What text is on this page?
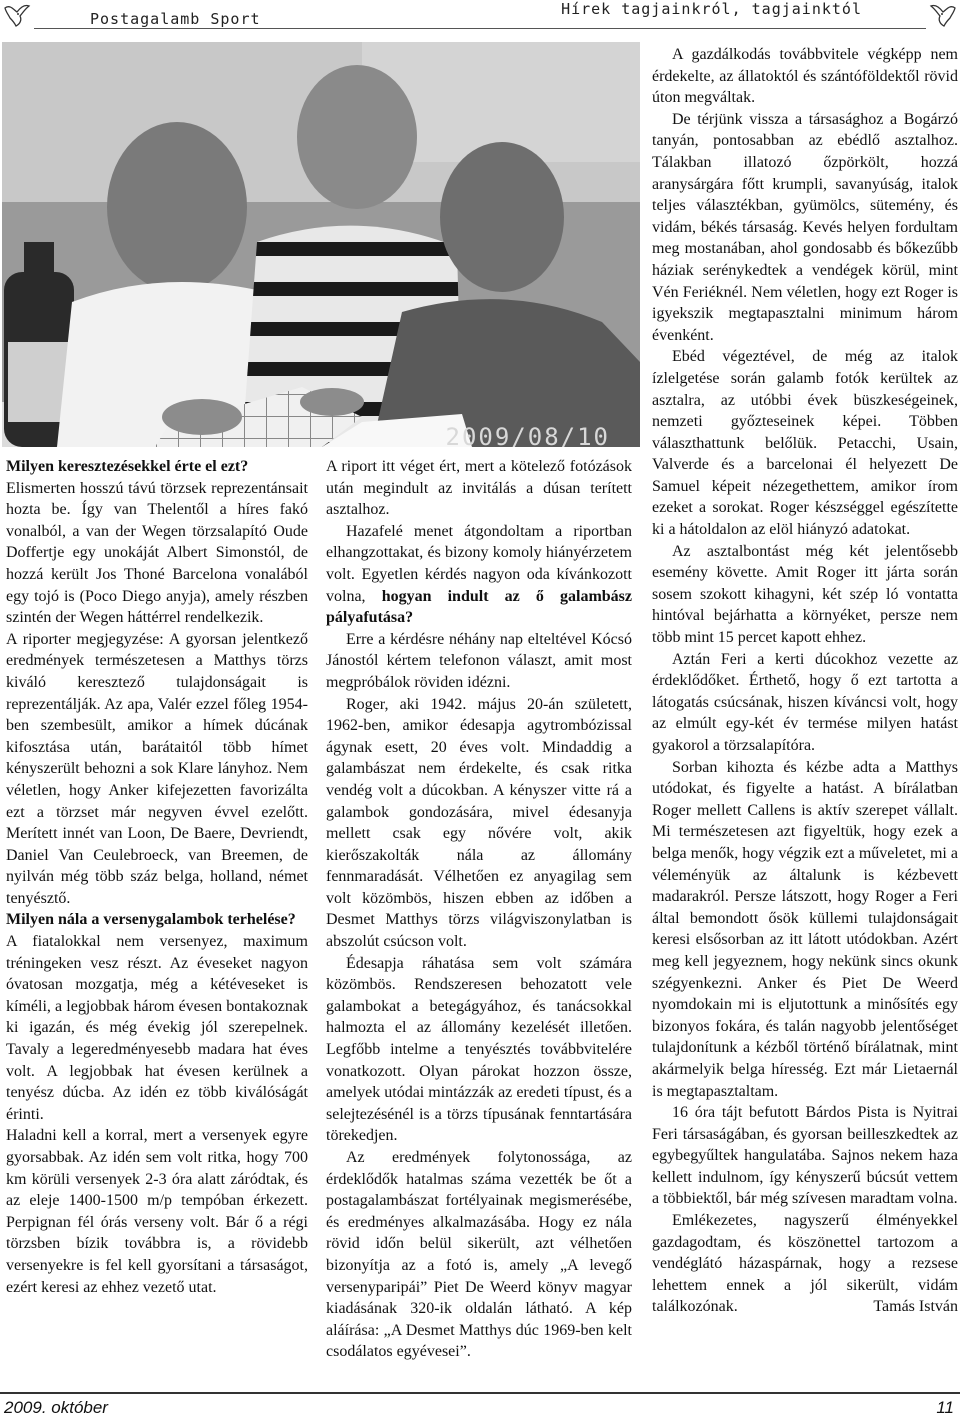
Postagalamb Sport
Hírek tagjainkról, tagjainktól
2009/08/10

Milyen keresztezésekkel érte el ezt?

Elismerten hosszú távú törzsek reprezentánsait hozta be. Így van Thelentől a híres fakó vonalból, a van der Wegen törzsalapító Oude Doffertje egy unokáját Albert Simonstól, de hozzá került Jos Thoné Barcelona vonalából egy tojó is (Poco Diego anyja), amely részben szintén der Wegen háttérrel rendelkezik.

A riporter megjegyzése: A gyorsan jelentkező eredmények természetesen a Matthys törzs kiváló keresztező tulajdonságait is reprezentálják. Az apa, Valér ezzel főleg 1954-ben szembesült, amikor a hímek dúcának kifosztása után, barátaitól több hímet kényszerült behozni a sok Klare lányhoz. Nem véletlen, hogy Anker kifejezetten favorizálta ezt a törzset már negyven évvel ezelőtt. Merített innét van Loon, De Baere, Devriendt, Daniel Van Ceulebroeck, van Breemen, de nyilván még több száz belga, holland, német tenyésztő.

Milyen nála a versenygalambok terhelése?

A fiatalokkal nem versenyez, maximum tréningeken vesz részt. Az éveseket nagyon óvatosan mozgatja, még a kétéveseket is kíméli, a legjobbak három évesen bontakoznak ki igazán, és még évekig jól szerepelnek. Tavaly a legeredményesebb madara hat éves volt. A legjobbak hat évesen kerülnek a tenyész dúcba. Az idén ez több kiválóságát érinti.

Haladni kell a korral, mert a versenyek egyre gyorsabbak. Az idén sem volt ritka, hogy 700 km körüli versenyek 2-3 óra alatt záródtak, és az eleje 1400-1500 m/p tempóban érkezett. Perpignan fél órás verseny volt. Bár ő a régi törzsben bízik továbbra is, a rövidebb versenyekre is fel kell gyorsítani a társaságot, ezért keresi az ehhez vezető utat.

A riport itt véget ért, mert a kötelező fotózások után megindult az invitálás a dúsan terített asztalhoz.

Hazafelé menet átgondoltam a riportban elhangzottakat, és bizony komoly hiányérzetem volt. Egyetlen kérdés nagyon oda kívánkozott volna, hogyan indult az ő galambász pályafutása?

Erre a kérdésre néhány nap elteltével Kócsó Jánostól kértem telefonon választ, amit most megpróbálok röviden idézni.

Roger, aki 1942. május 20-án született, 1962-ben, amikor édesapja agytrombózissal ágynak esett, 20 éves volt. Mindaddig a galambászat nem érdekelte, és csak ritka vendég volt a dúcokban. A kényszer vitte rá a galambok gondozására, mivel édesanyja mellett csak egy nővére volt, akik kierőszakolták nála az állomány fennmaradását. Vélhetően ez anyagilag sem volt közömbös, hiszen ebben az időben a Desmet Matthys törzs világviszonylatban is abszolút csúcson volt.

Édesapja ráhatása sem volt számára közömbös. Rendszeresen behozatott vele galambokat a betegágyához, és tanácsokkal halmozta el az állomány kezelését illetően. Legfőbb intelme a tenyésztés továbbvitelére vonatkozott. Olyan párokat hozzon össze, amelyek utódai mintázzák az eredeti típust, és a selejtezésénél is a törzs típusának fenntartására törekedjen.

Az eredmények folytonossága, az érdeklődők hatalmas száma vezették be őt a postagalambászat fortélyainak megismerésébe, és eredményes alkalmazásába. Hogy ez nála rövid időn belül sikerült, azt vélhetően bizonyítja az a fotó is, amely „A levegő versenyparipái” Piet De Weerd könyv magyar kiadásának 320-ik oldalán látható. A kép aláírása: „A Desmet Matthys dúc 1969-ben kelt csodálatos egyévesei”.

A gazdálkodás továbbvitele végképp nem érdekelte, az állatoktól és szántóföldektől rövid úton megváltak.

De térjünk vissza a társasághoz a Bogárzó tanyán, pontosabban az ebédlő asztalhoz. Tálakban illatozó őzpörkölt, hozzá aranysárgára főtt krumpli, savanyúság, italok teljes választékban, gyümölcs, sütemény, és vidám, békés társaság. Kevés helyen fordultam meg mostanában, ahol gondosabb és bőkezűbb háziak serénykedtek a vendégek körül, mint Vén Feriéknél. Nem véletlen, hogy ezt Roger is igyekszik megtapasztalni minimum három évenként.

Ebéd végeztével, de még az italok ízlelgetése során galamb fotók kerültek az asztalra, az utóbbi évek büszkeségeinek, nemzeti győzteseinek képei. Többen választhattunk belőlük. Petacchi, Usain, Valverde és a barcelonai él helyezett De Samuel képeit nézegethettem, amikor írom ezeket a sorokat. Roger készséggel egészítette ki a hátoldalon az elöl hiányzó adatokat.

Az asztalbontást még két jelentősebb esemény követte. Amit Roger itt járta során sosem szokott kihagyni, két szép ló vontatta hintóval bejárhatta a környéket, persze nem több mint 15 percet kapott ehhez.

Aztán Feri a kerti dúcokhoz vezette az érdeklődőket. Érthető, hogy ő ezt tartotta a látogatás csúcsának, hiszen kíváncsi volt, hogy az elmúlt egy-két év termése milyen hatást gyakorol a törzsalapítóra.

Sorban kihozta és kézbe adta a Matthys utódokat, és figyelte a hatást. A bírálatban Roger mellett Callens is aktív szerepet vállalt. Mi természetesen azt figyeltük, hogy ezek a belga menők, hogy végzik ezt a műveletet, mi a véleményük az általunk is kézbevett madarakról. Persze látszott, hogy Roger a Feri által bemondott ősök küllemi tulajdonságait keresi elsősorban az itt látott utódokban. Azért meg kell jegyeznem, hogy nekünk sincs okunk szégyenkezni. Anker és Piet De Weerd nyomdokain mi is eljutottunk a minősítés egy bizonyos fokára, és talán nagyobb jelentőséget tulajdonítunk a kézből történő bírálatnak, mint akármelyik belga híresség. Ezt már Lietaernál is megtapasztaltam.

16 óra tájt befutott Bárdos Pista is Nyitrai Feri társaságában, és gyorsan beilleszkedtek az egybegyűltek hangulatába. Sajnos nekem haza kellett indulnom, így kényszerű búcsút vettem a többiektől, bár még szívesen maradtam volna.

Emlékezetes, nagyszerű élményekkel gazdagodtam, és köszönettel tartozom a vendéglátó házaspárnak, hogy a rezsese lehettem ennek a jól sikerült, vidám találkozónak.	Tamás István

2009. október	11
